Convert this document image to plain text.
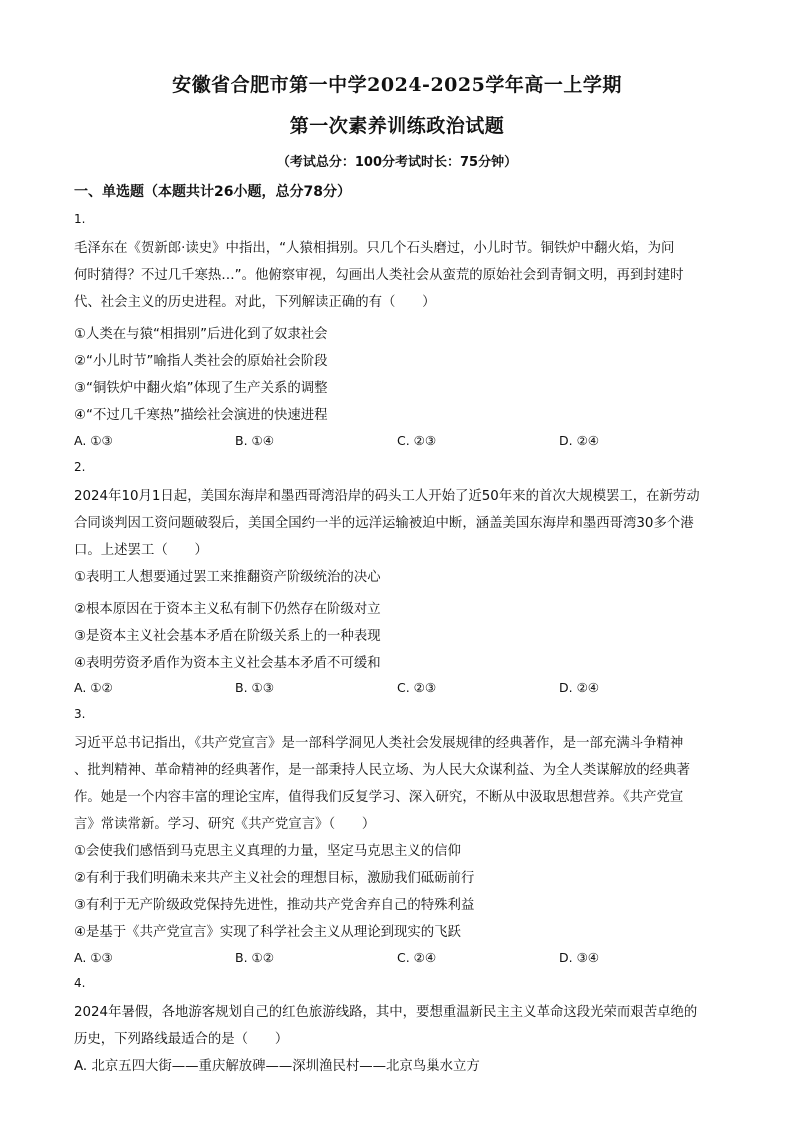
安徽省合肥市第一中学2024-2025学年高一上学期
第一次素养训练政治试题
（考试总分：100分考试时长：75分钟）
一、单选题（本题共计26小题，总分78分）
1.
毛泽东在《贺新郎·读史》中指出，“人猿相揖别。只几个石头磨过，小儿时节。铜铁炉中翻火焰，为问
何时猜得？不过几千寒热…”。他俯察审视，勾画出人类社会从蛮荒的原始社会到青铜文明，再到封建时
代、社会主义的历史进程。对此，下列解读正确的有（　　）
①人类在与猿“相揖别”后进化到了奴隶社会
②“小儿时节”喻指人类社会的原始社会阶段
③“铜铁炉中翻火焰”体现了生产关系的调整
④“不过几千寒热”描绘社会演进的快速进程
A. ①③	B. ①④	C. ②③	D. ②④
2.
2024年10月1日起，美国东海岸和墨西哥湾沿岸的码头工人开始了近50年来的首次大规模罢工，在新劳动
合同谈判因工资问题破裂后，美国全国约一半的远洋运输被迫中断，涵盖美国东海岸和墨西哥湾30多个港
口。上述罢工（　　）
①表明工人想要通过罢工来推翻资产阶级统治的决心
②根本原因在于资本主义私有制下仍然存在阶级对立
③是资本主义社会基本矛盾在阶级关系上的一种表现
④表明劳资矛盾作为资本主义社会基本矛盾不可缓和
A. ①②	B. ①③	C. ②③	D. ②④
3.
习近平总书记指出，《共产党宣言》是一部科学洞见人类社会发展规律的经典著作，是一部充满斗争精神
、批判精神、革命精神的经典著作，是一部秉持人民立场、为人民大众谋利益、为全人类谋解放的经典著
作。她是一个内容丰富的理论宝库，值得我们反复学习、深入研究，不断从中汲取思想营养。《共产党宣
言》常读常新。学习、研究《共产党宣言》（　　）
①会使我们感悟到马克思主义真理的力量，坚定马克思主义的信仰
②有利于我们明确未来共产主义社会的理想目标，激励我们砥砺前行
③有利于无产阶级政党保持先进性，推动共产党舍弃自己的特殊利益
④是基于《共产党宣言》实现了科学社会主义从理论到现实的飞跃
A. ①③	B. ①②	C. ②④	D. ③④
4.
2024年暑假，各地游客规划自己的红色旅游线路，其中，要想重温新民主主义革命这段光荣而艰苦卓绝的
历史，下列路线最适合的是（　　）
A. 北京五四大街——重庆解放碑——深圳渔民村——北京鸟巢水立方
